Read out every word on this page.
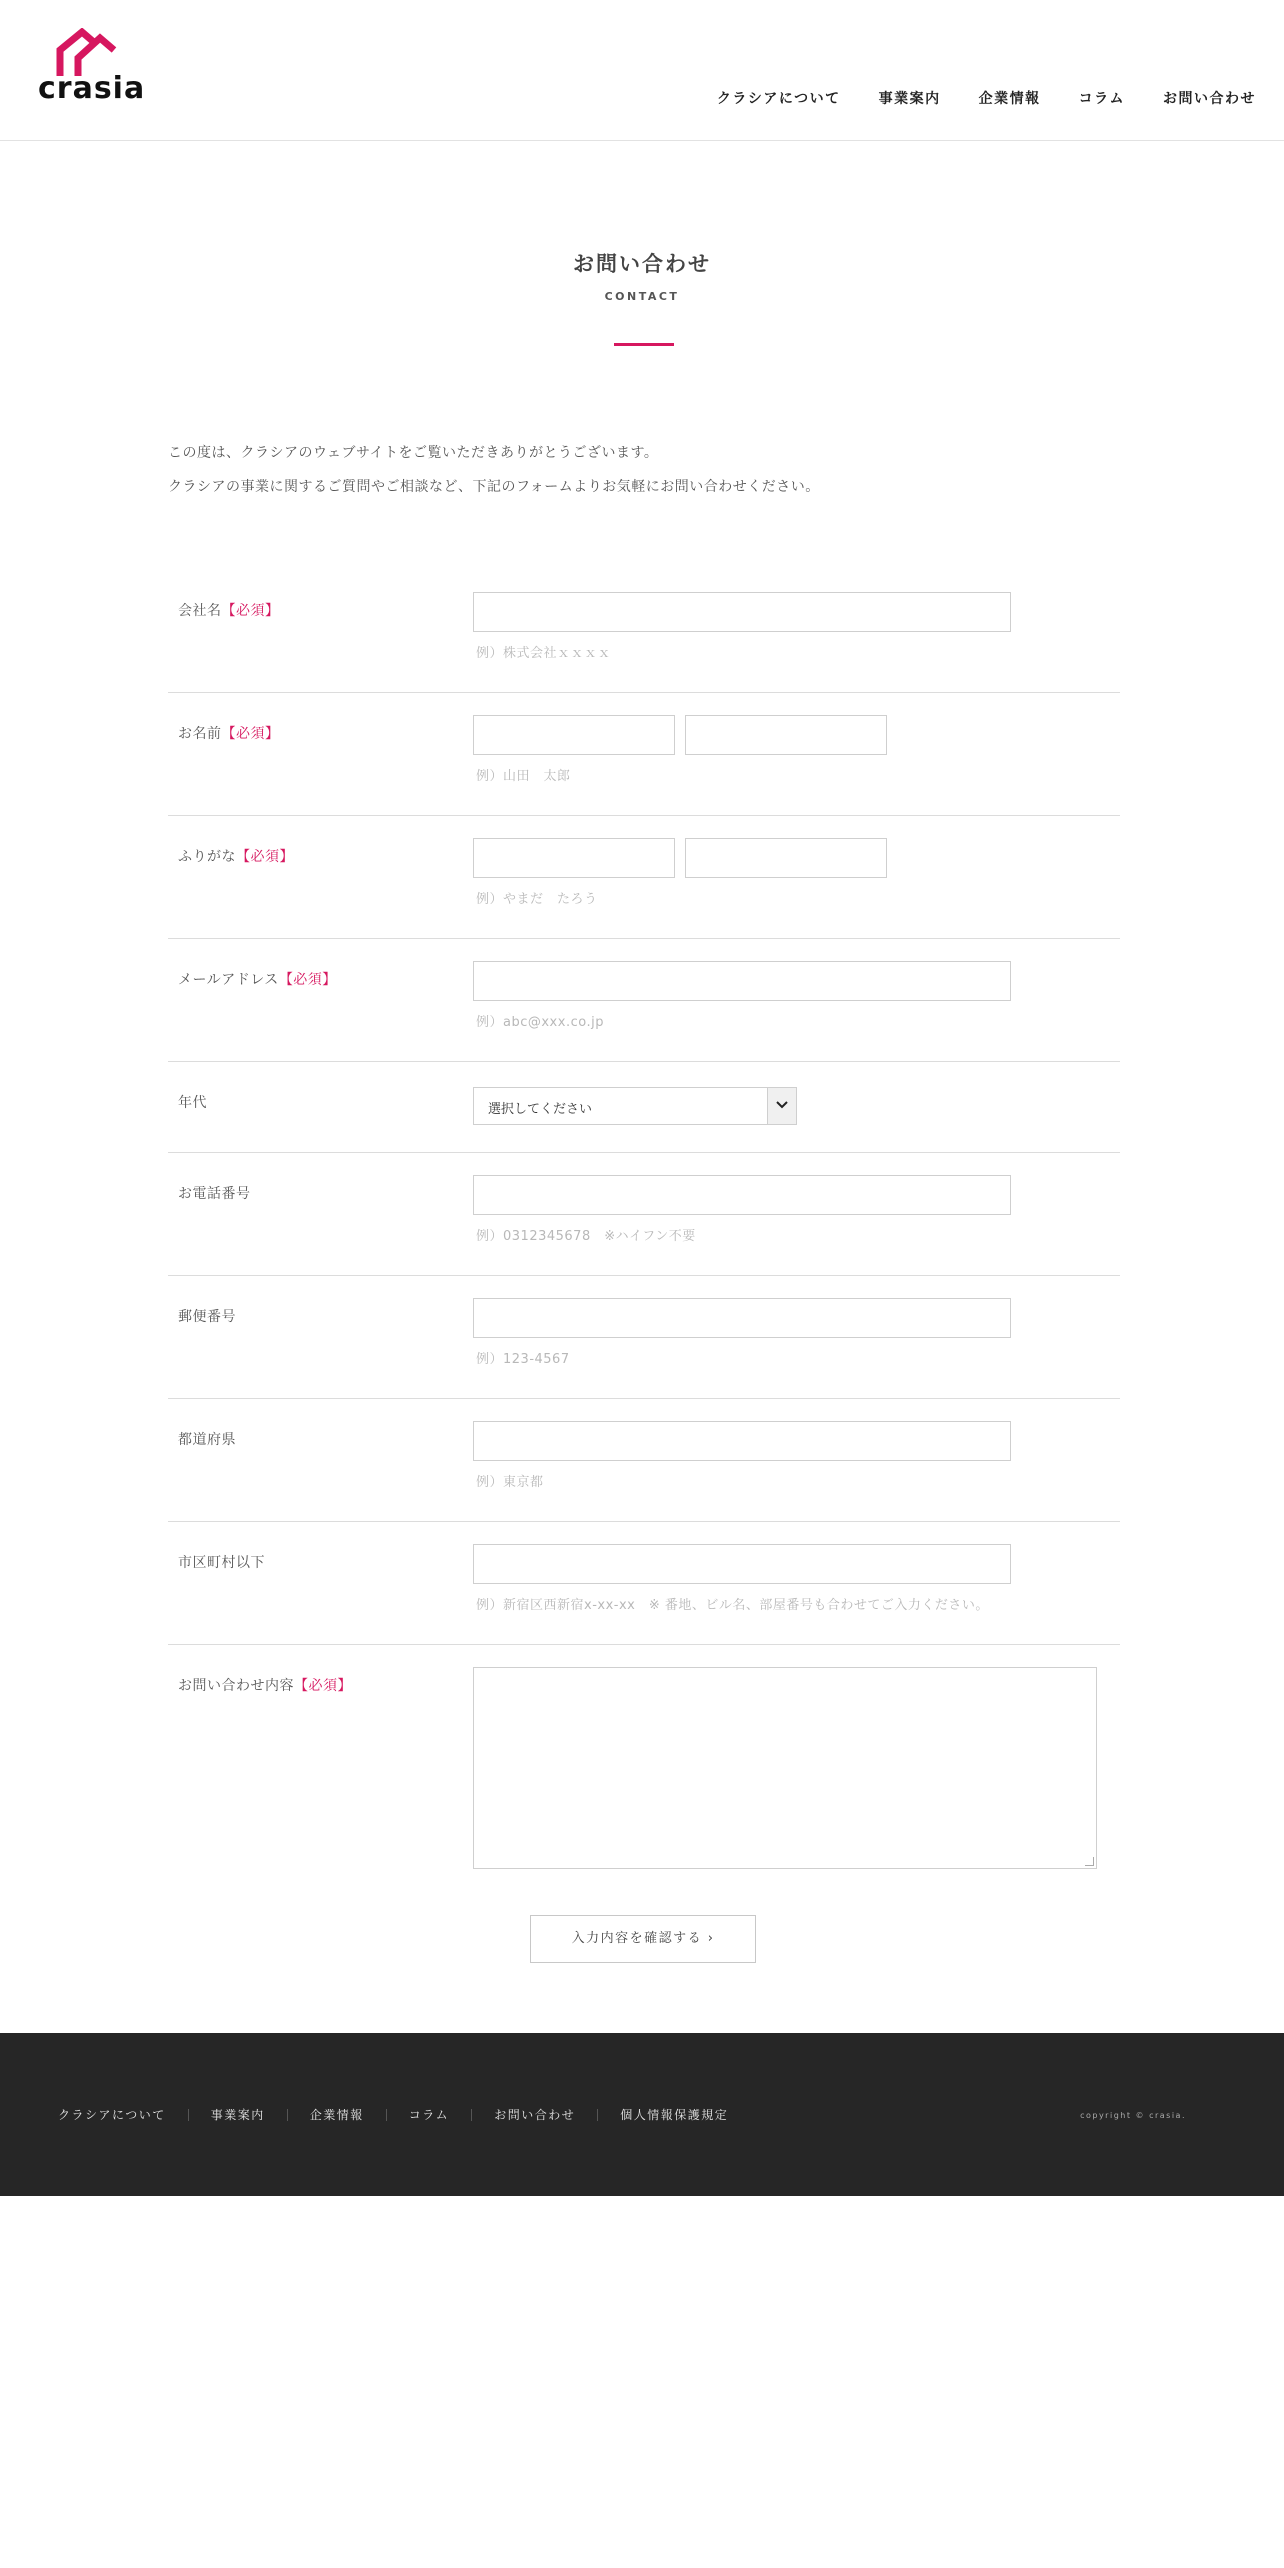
crasia	クラシアについて	事業案内	企業情報	コラム	お問い合わせ
お問い合わせ
CONTACT
この度は、クラシアのウェブサイトをご覧いただきありがとうございます。
クラシアの事業に関するご質問やご相談など、下記のフォームよりお気軽にお問い合わせください。
会社名【必須】
例）株式会社ｘｘｘｘ
お名前【必須】
例）山田　太郎
ふりがな【必須】
例）やまだ　たろう
メールアドレス【必須】
例）abc@xxx.co.jp
年代	選択してください
お電話番号
例）0312345678　※ハイフン不要
郵便番号
例）123-4567
都道府県
例）東京都
市区町村以下
例）新宿区西新宿x-xx-xx　※ 番地、ビル名、部屋番号も合わせてご入力ください。
お問い合わせ内容【必須】
入力内容を確認する ›
クラシアについて	事業案内	企業情報	コラム	お問い合わせ	個人情報保護規定	copyright © crasia.
